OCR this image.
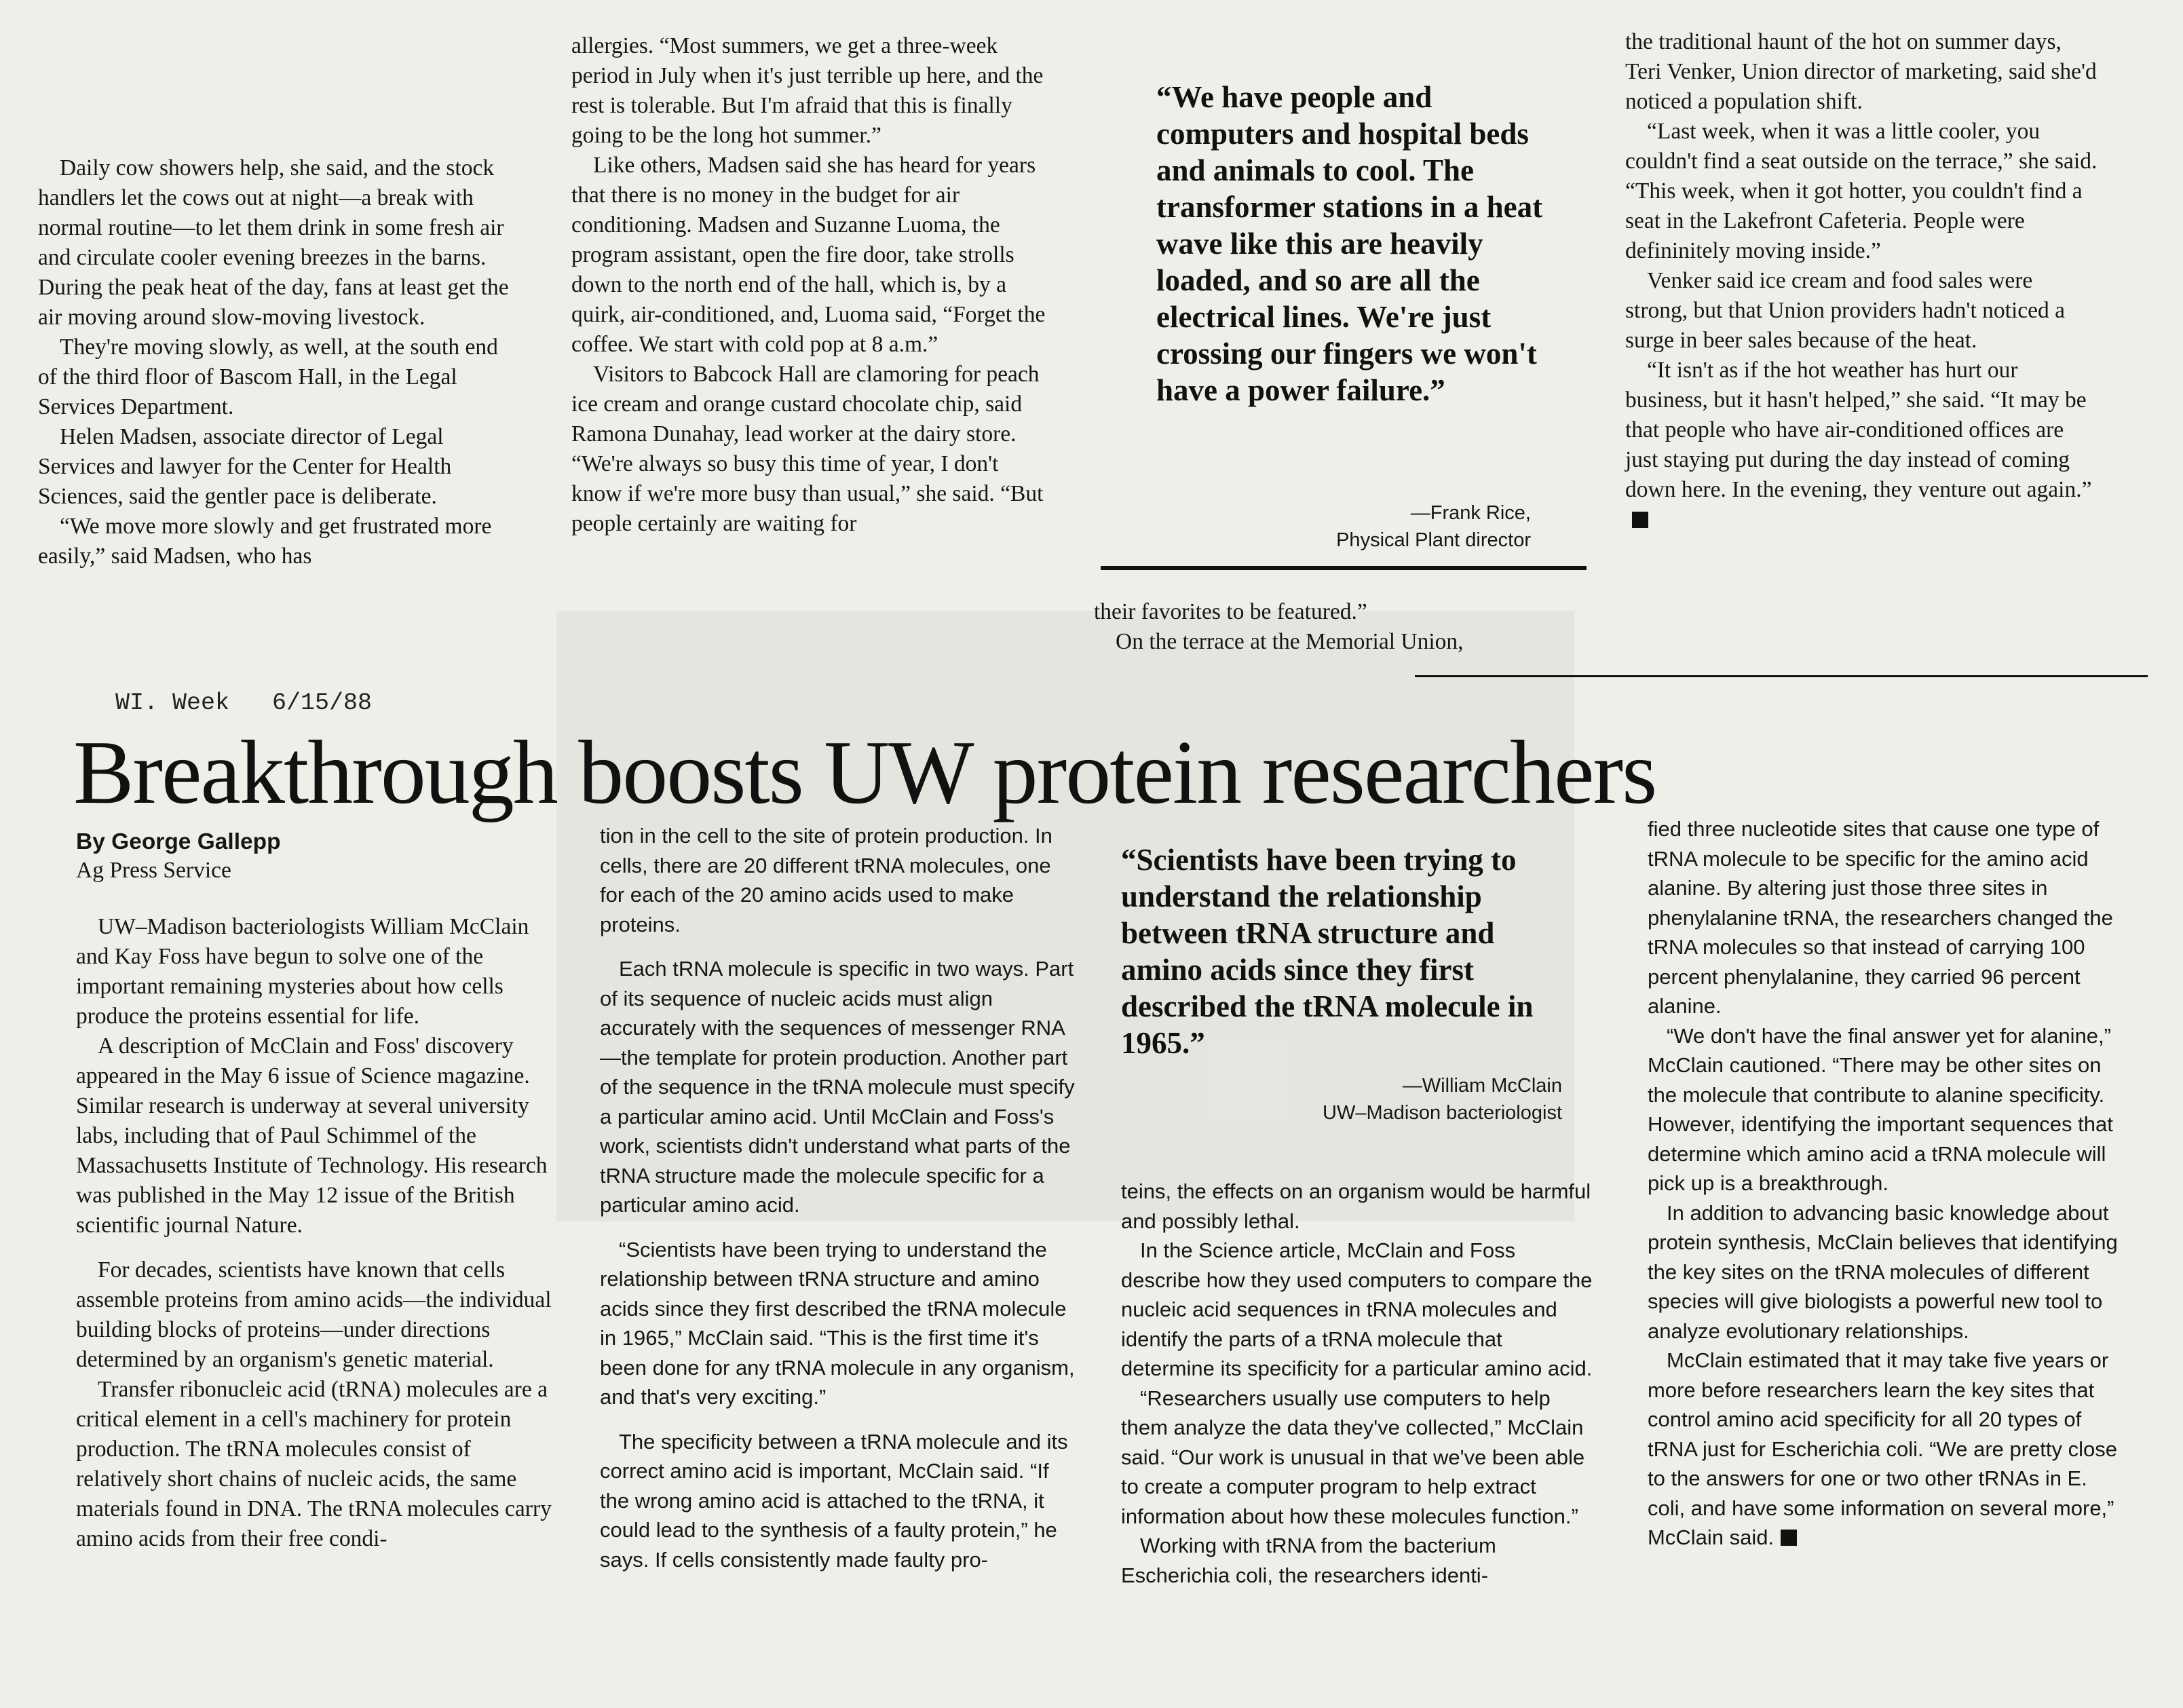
Daily cow showers help, she said, and the stock handlers let the cows out at night—a break with normal routine—to let them drink in some fresh air and circulate cooler evening breezes in the barns. During the peak heat of the day, fans at least get the air moving around slow-moving livestock.

They're moving slowly, as well, at the south end of the third floor of Bascom Hall, in the Legal Services Department.

Helen Madsen, associate director of Legal Services and lawyer for the Center for Health Sciences, said the gentler pace is deliberate.

“We move more slowly and get frustrated more easily,” said Madsen, who has

allergies. “Most summers, we get a three-week period in July when it's just terrible up here, and the rest is tolerable. But I'm afraid that this is finally going to be the long hot summer.”

Like others, Madsen said she has heard for years that there is no money in the budget for air conditioning. Madsen and Suzanne Luoma, the program assistant, open the fire door, take strolls down to the north end of the hall, which is, by a quirk, air-conditioned, and, Luoma said, “Forget the coffee. We start with cold pop at 8 a.m.”

Visitors to Babcock Hall are clamoring for peach ice cream and orange custard chocolate chip, said Ramona Dunahay, lead worker at the dairy store. “We're always so busy this time of year, I don't know if we're more busy than usual,” she said. “But people certainly are waiting for

“We have people and computers and hospital beds and animals to cool. The transformer stations in a heat wave like this are heavily loaded, and so are all the electrical lines. We're just crossing our fingers we won't have a power failure.”
—Frank Rice,
Physical Plant director

their favorites to be featured.”

On the terrace at the Memorial Union,

the traditional haunt of the hot on summer days, Teri Venker, Union director of marketing, said she'd noticed a population shift.

“Last week, when it was a little cooler, you couldn't find a seat outside on the terrace,” she said. “This week, when it got hotter, you couldn't find a seat in the Lakefront Cafeteria. People were defininitely moving inside.”

Venker said ice cream and food sales were strong, but that Union providers hadn't noticed a surge in beer sales because of the heat.

“It isn't as if the hot weather has hurt our business, but it hasn't helped,” she said. “It may be that people who have air-conditioned offices are just staying put during the day instead of coming down here. In the evening, they venture out again.”

WI. Week   6/15/88
Breakthrough boosts UW protein researchers
By George Gallepp
Ag Press Service

UW–Madison bacteriologists William McClain and Kay Foss have begun to solve one of the important remaining mysteries about how cells produce the proteins essential for life.

A description of McClain and Foss' discovery appeared in the May 6 issue of Science magazine. Similar research is underway at several university labs, including that of Paul Schimmel of the Massachusetts Institute of Technology. His research was published in the May 12 issue of the British scientific journal Nature.

For decades, scientists have known that cells assemble proteins from amino acids—the individual building blocks of proteins—under directions determined by an organism's genetic material.

Transfer ribonucleic acid (tRNA) molecules are a critical element in a cell's machinery for protein production. The tRNA molecules consist of relatively short chains of nucleic acids, the same materials found in DNA. The tRNA molecules carry amino acids from their free condi-

tion in the cell to the site of protein production. In cells, there are 20 different tRNA molecules, one for each of the 20 amino acids used to make proteins.

Each tRNA molecule is specific in two ways. Part of its sequence of nucleic acids must align accurately with the sequences of messenger RNA—the template for protein production. Another part of the sequence in the tRNA molecule must specify a particular amino acid. Until McClain and Foss's work, scientists didn't understand what parts of the tRNA structure made the molecule specific for a particular amino acid.

“Scientists have been trying to understand the relationship between tRNA structure and amino acids since they first described the tRNA molecule in 1965,” McClain said. “This is the first time it's been done for any tRNA molecule in any organism, and that's very exciting.”

The specificity between a tRNA molecule and its correct amino acid is important, McClain said. “If the wrong amino acid is attached to the tRNA, it could lead to the synthesis of a faulty protein,” he says. If cells consistently made faulty pro-

“Scientists have been trying to understand the relationship between tRNA structure and amino acids since they first described the tRNA molecule in 1965.”
—William McClain
UW–Madison bacteriologist

teins, the effects on an organism would be harmful and possibly lethal.

In the Science article, McClain and Foss describe how they used computers to compare the nucleic acid sequences in tRNA molecules and identify the parts of a tRNA molecule that determine its specificity for a particular amino acid.

“Researchers usually use computers to help them analyze the data they've collected,” McClain said. “Our work is unusual in that we've been able to create a computer program to help extract information about how these molecules function.”

Working with tRNA from the bacterium Escherichia coli, the researchers identi-

fied three nucleotide sites that cause one type of tRNA molecule to be specific for the amino acid alanine. By altering just those three sites in phenylalanine tRNA, the researchers changed the tRNA molecules so that instead of carrying 100 percent phenylalanine, they carried 96 percent alanine.

“We don't have the final answer yet for alanine,” McClain cautioned. “There may be other sites on the molecule that contribute to alanine specificity. However, identifying the important sequences that determine which amino acid a tRNA molecule will pick up is a breakthrough.

In addition to advancing basic knowledge about protein synthesis, McClain believes that identifying the key sites on the tRNA molecules of different species will give biologists a powerful new tool to analyze evolutionary relationships.

McClain estimated that it may take five years or more before researchers learn the key sites that control amino acid specificity for all 20 types of tRNA just for Escherichia coli. “We are pretty close to the answers for one or two other tRNAs in E. coli, and have some information on several more,” McClain said.
